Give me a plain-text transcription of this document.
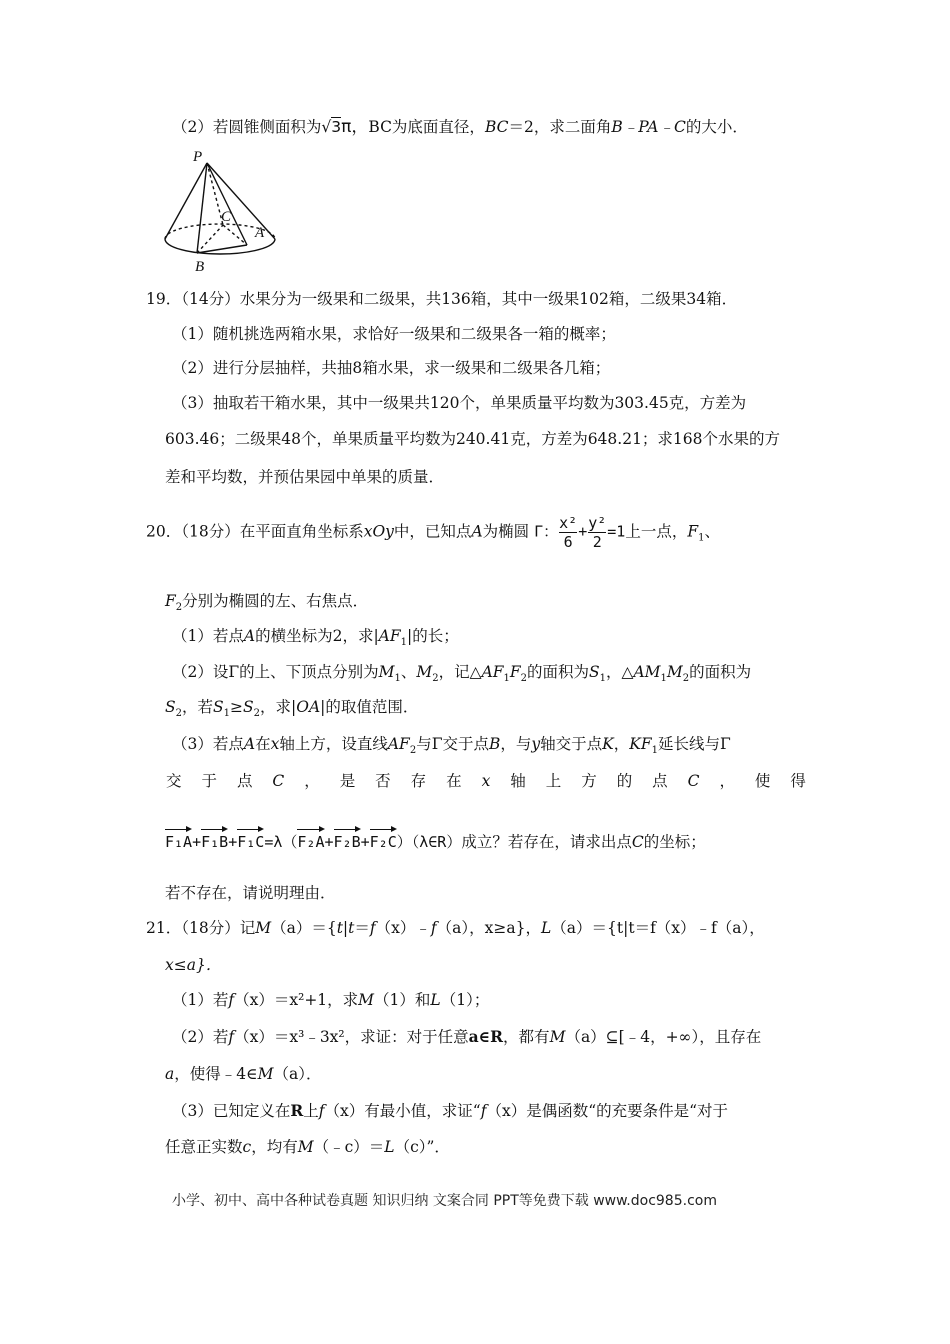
（2）若圆锥侧面积为√3π，BC为底面直径，BC＝2，求二面角B﹣PA﹣C的大小．
P
C
A
B
19．（14分）水果分为一级果和二级果，共136箱，其中一级果102箱，二级果34箱．
（1）随机挑选两箱水果，求恰好一级果和二级果各一箱的概率；
（2）进行分层抽样，共抽8箱水果，求一级果和二级果各几箱；
（3）抽取若干箱水果，其中一级果共120个，单果质量平均数为303.45克，方差为
603.46；二级果48个，单果质量平均数为240.41克，方差为648.21；求168个水果的方
差和平均数，并预估果园中单果的质量．
20．（18分）在平面直角坐标系xOy中，已知点A为椭圆 Γ： $\frac{\text{x²}}{6} + \frac{\text{y²}}{2} =1$上一点，$F_1$、
$F_2$分别为椭圆的左、右焦点．
（1）若点A的横坐标为2，求$|AF_1|$的长；
（2）设Γ的上、下顶点分别为$M_1$、$M_2$，记$\triangle AF_1F_2$的面积为$S_1$，$\triangle AM_1M_2$的面积为
$S_2$，若$S_1\ge S_2$，求|OA|的取值范围．
（3）若点A在x轴上方，设直线$AF_2$与Γ交于点B，与y轴交于点K，$KF_1$延长线与Γ
交 于 点 C ， 是 否 存 在 x 轴 上 方 的 点 C ， 使 得
F₁A+F₁B+F₁C=λ（F₂A+F₂B+F₂C）（λ∈R）成立？若存在，请求出点C的坐标；
若不存在，请说明理由．
21．（18分）记M（a）＝{t|t＝f（x）﹣f（a），x≥a}，L（a）＝{t|t＝f（x）﹣f（a），
x≤a}．
（1）若f（x）＝x²+1，求M（1）和L（1）；
（2）若f（x）＝x³﹣3x²，求证：对于任意a∈R，都有M（a）⊆[﹣4，+∞），且存在
a，使得﹣4∈M（a）．
（3）已知定义在R上f（x）有最小值，求证“f（x）是偶函数“的充要条件是“对于
任意正实数c，均有M（﹣c）＝L（c）”．
小学、初中、高中各种试卷真题 知识归纳 文案合同 PPT等免费下载 www.doc985.com
